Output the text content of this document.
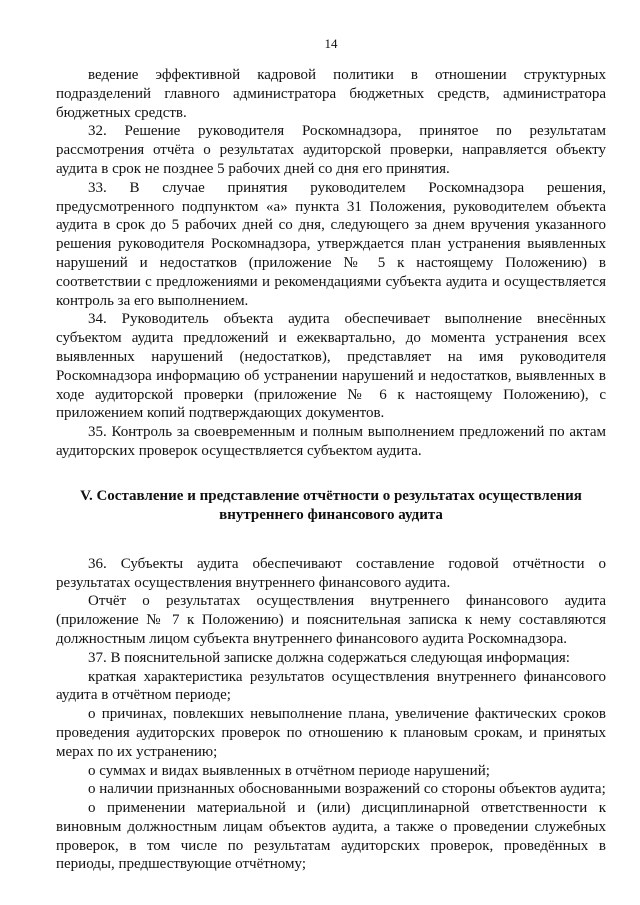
14

ведение эффективной кадровой политики в отношении структурных подразделений главного администратора бюджетных средств, администратора бюджетных средств.

32. Решение руководителя Роскомнадзора, принятое по результатам рассмотрения отчёта о результатах аудиторской проверки, направляется объекту аудита в срок не позднее 5 рабочих дней со дня его принятия.

33. В случае принятия руководителем Роскомнадзора решения, предусмотренного подпунктом «а» пункта 31 Положения, руководителем объекта аудита в срок до 5 рабочих дней со дня, следующего за днем вручения указанного решения руководителя Роскомнадзора, утверждается план устранения выявленных нарушений и недостатков (приложение № 5 к настоящему Положению) в соответствии с предложениями и рекомендациями субъекта аудита и осуществляется контроль за его выполнением.

34. Руководитель объекта аудита обеспечивает выполнение внесённых субъектом аудита предложений и ежеквартально, до момента устранения всех выявленных нарушений (недостатков), представляет на имя руководителя Роскомнадзора информацию об устранении нарушений и недостатков, выявленных в ходе аудиторской проверки (приложение № 6 к настоящему Положению), с приложением копий подтверждающих документов.

35. Контроль за своевременным и полным выполнением предложений по актам аудиторских проверок осуществляется субъектом аудита.

V. Составление и представление отчётности о результатах осуществления
внутреннего финансового аудита

36. Субъекты аудита обеспечивают составление годовой отчётности о результатах осуществления внутреннего финансового аудита.

Отчёт о результатах осуществления внутреннего финансового аудита (приложение № 7 к Положению) и пояснительная записка к нему составляются должностным лицом субъекта внутреннего финансового аудита Роскомнадзора.

37. В пояснительной записке должна содержаться следующая информация:

краткая характеристика результатов осуществления внутреннего финансового аудита в отчётном периоде;

о причинах, повлекших невыполнение плана, увеличение фактических сроков проведения аудиторских проверок по отношению к плановым срокам, и принятых мерах по их устранению;

о суммах и видах выявленных в отчётном периоде нарушений;

о наличии признанных обоснованными возражений со стороны объектов аудита;

о применении материальной и (или) дисциплинарной ответственности к виновным должностным лицам объектов аудита, а также о проведении служебных проверок, в том числе по результатам аудиторских проверок, проведённых в периоды, предшествующие отчётному;
